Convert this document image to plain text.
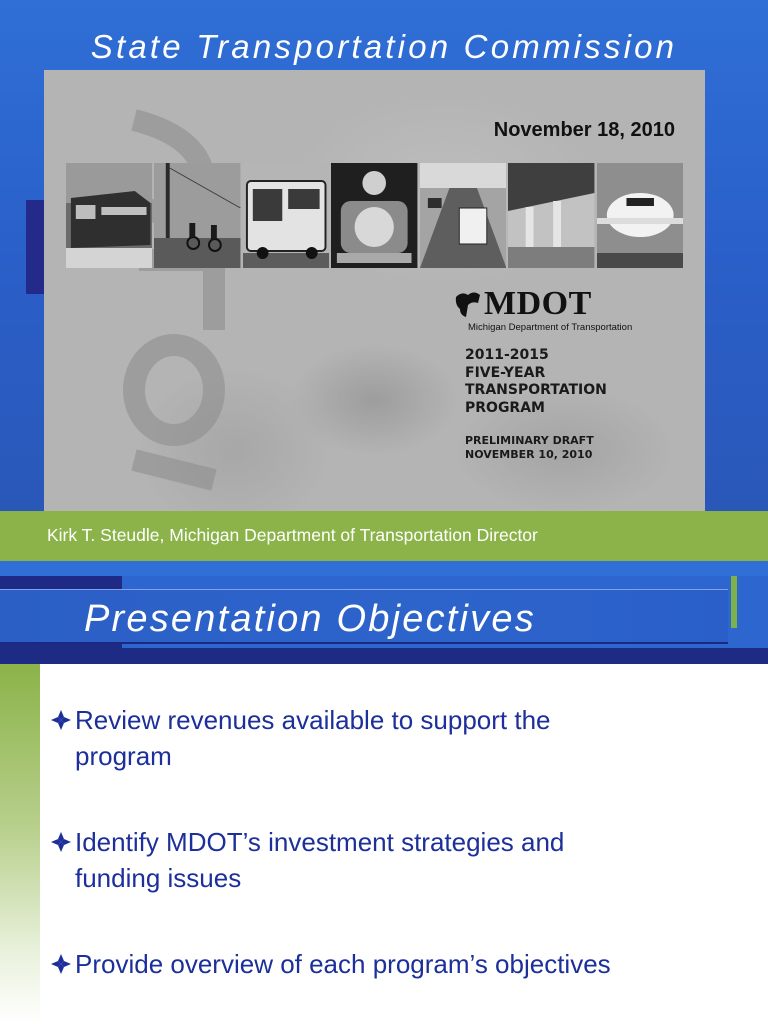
State Transportation Commission
November 18, 2010
MDOT
Michigan Department of Transportation
2011-2015
FIVE-YEAR
TRANSPORTATION
PROGRAM
PRELIMINARY DRAFT
NOVEMBER 10, 2010
Kirk T. Steudle, Michigan Department of Transportation Director
Presentation Objectives
Review revenues available to support the
program
Identify MDOT’s investment strategies and
funding issues
Provide overview of each program’s objectives
